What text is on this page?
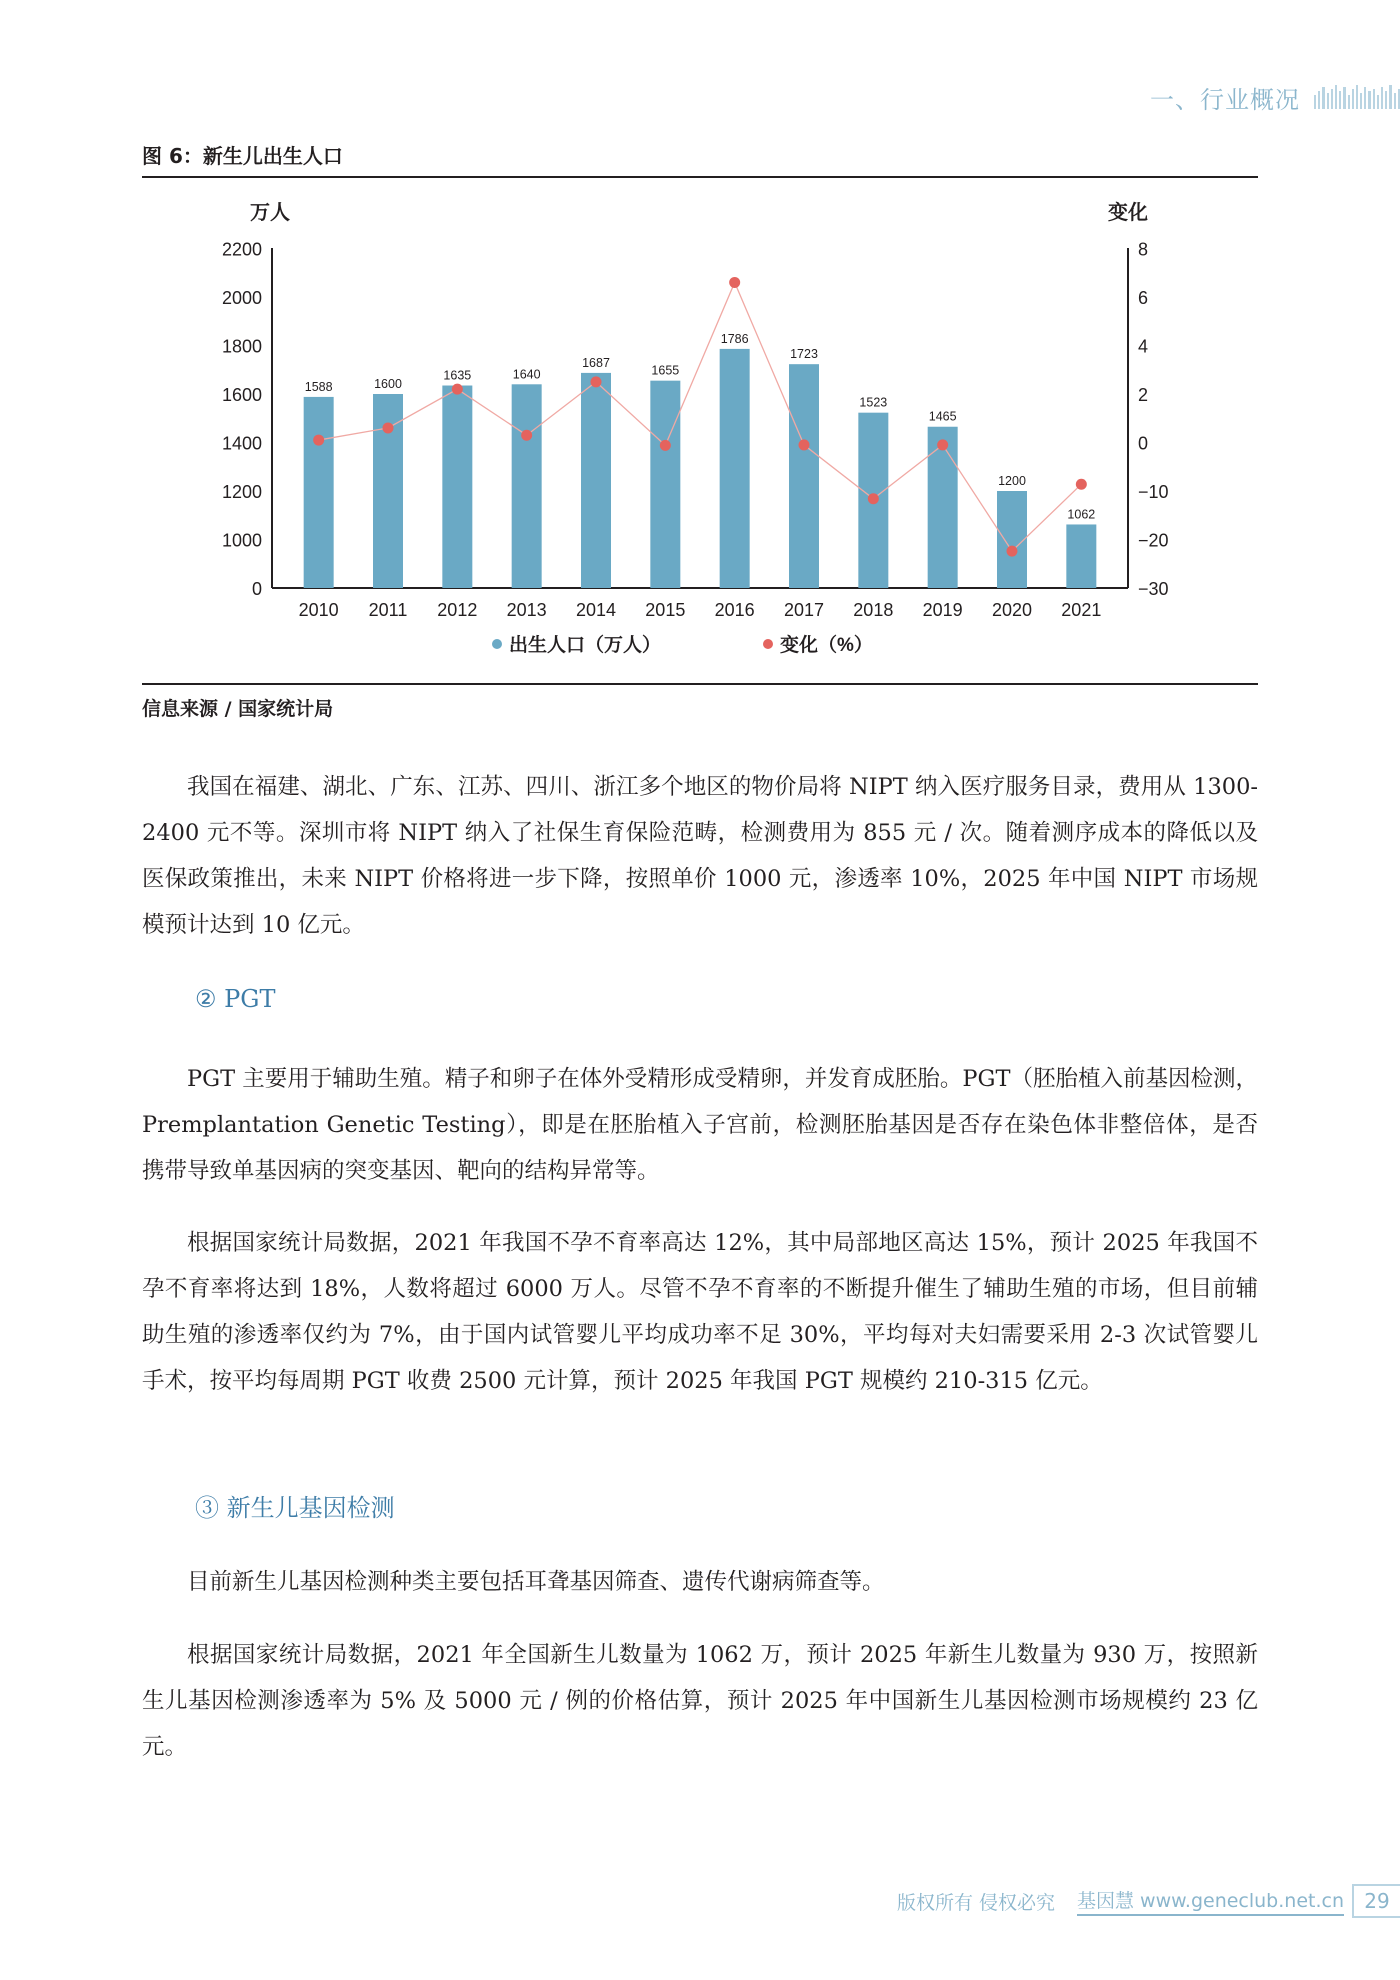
一、行业概况
图 6：新生儿出生人口
万人	变化
0
1000
1200
1400
1600
1800
2000
2200
−30
−20
−10
0
2
4
6
8
1588
2010
1600
2011
1635
2012
1640
2013
1687
2014
1655
2015
1786
2016
1723
2017
1523
2018
1465
2019
1200
2020
1062
2021
出生人口（万人）	变化（%）
信息来源 / 国家统计局

我国在福建、湖北、广东、江苏、四川、浙江多个地区的物价局将 NIPT 纳入医疗服务目录，费用从 1300-2400 元不等。深圳市将 NIPT 纳入了社保生育保险范畴，检测费用为 855 元 / 次。随着测序成本的降低以及医保政策推出，未来 NIPT 价格将进一步下降，按照单价 1000 元，渗透率 10%，2025 年中国 NIPT 市场规模预计达到 10 亿元。

② PGT

PGT 主要用于辅助生殖。精子和卵子在体外受精形成受精卵，并发育成胚胎。PGT（胚胎植入前基因检测，Premplantation Genetic Testing），即是在胚胎植入子宫前，检测胚胎基因是否存在染色体非整倍体，是否携带导致单基因病的突变基因、靶向的结构异常等。

根据国家统计局数据，2021 年我国不孕不育率高达 12%，其中局部地区高达 15%，预计 2025 年我国不孕不育率将达到 18%，人数将超过 6000 万人。尽管不孕不育率的不断提升催生了辅助生殖的市场，但目前辅助生殖的渗透率仅约为 7%，由于国内试管婴儿平均成功率不足 30%，平均每对夫妇需要采用 2-3 次试管婴儿手术，按平均每周期 PGT 收费 2500 元计算，预计 2025 年我国 PGT 规模约 210-315 亿元。

③ 新生儿基因检测

目前新生儿基因检测种类主要包括耳聋基因筛查、遗传代谢病筛查等。

根据国家统计局数据，2021 年全国新生儿数量为 1062 万，预计 2025 年新生儿数量为 930 万，按照新生儿基因检测渗透率为 5% 及 5000 元 / 例的价格估算，预计 2025 年中国新生儿基因检测市场规模约 23 亿元。

版权所有 侵权必究 基因慧 www.geneclub.net.cn	29
